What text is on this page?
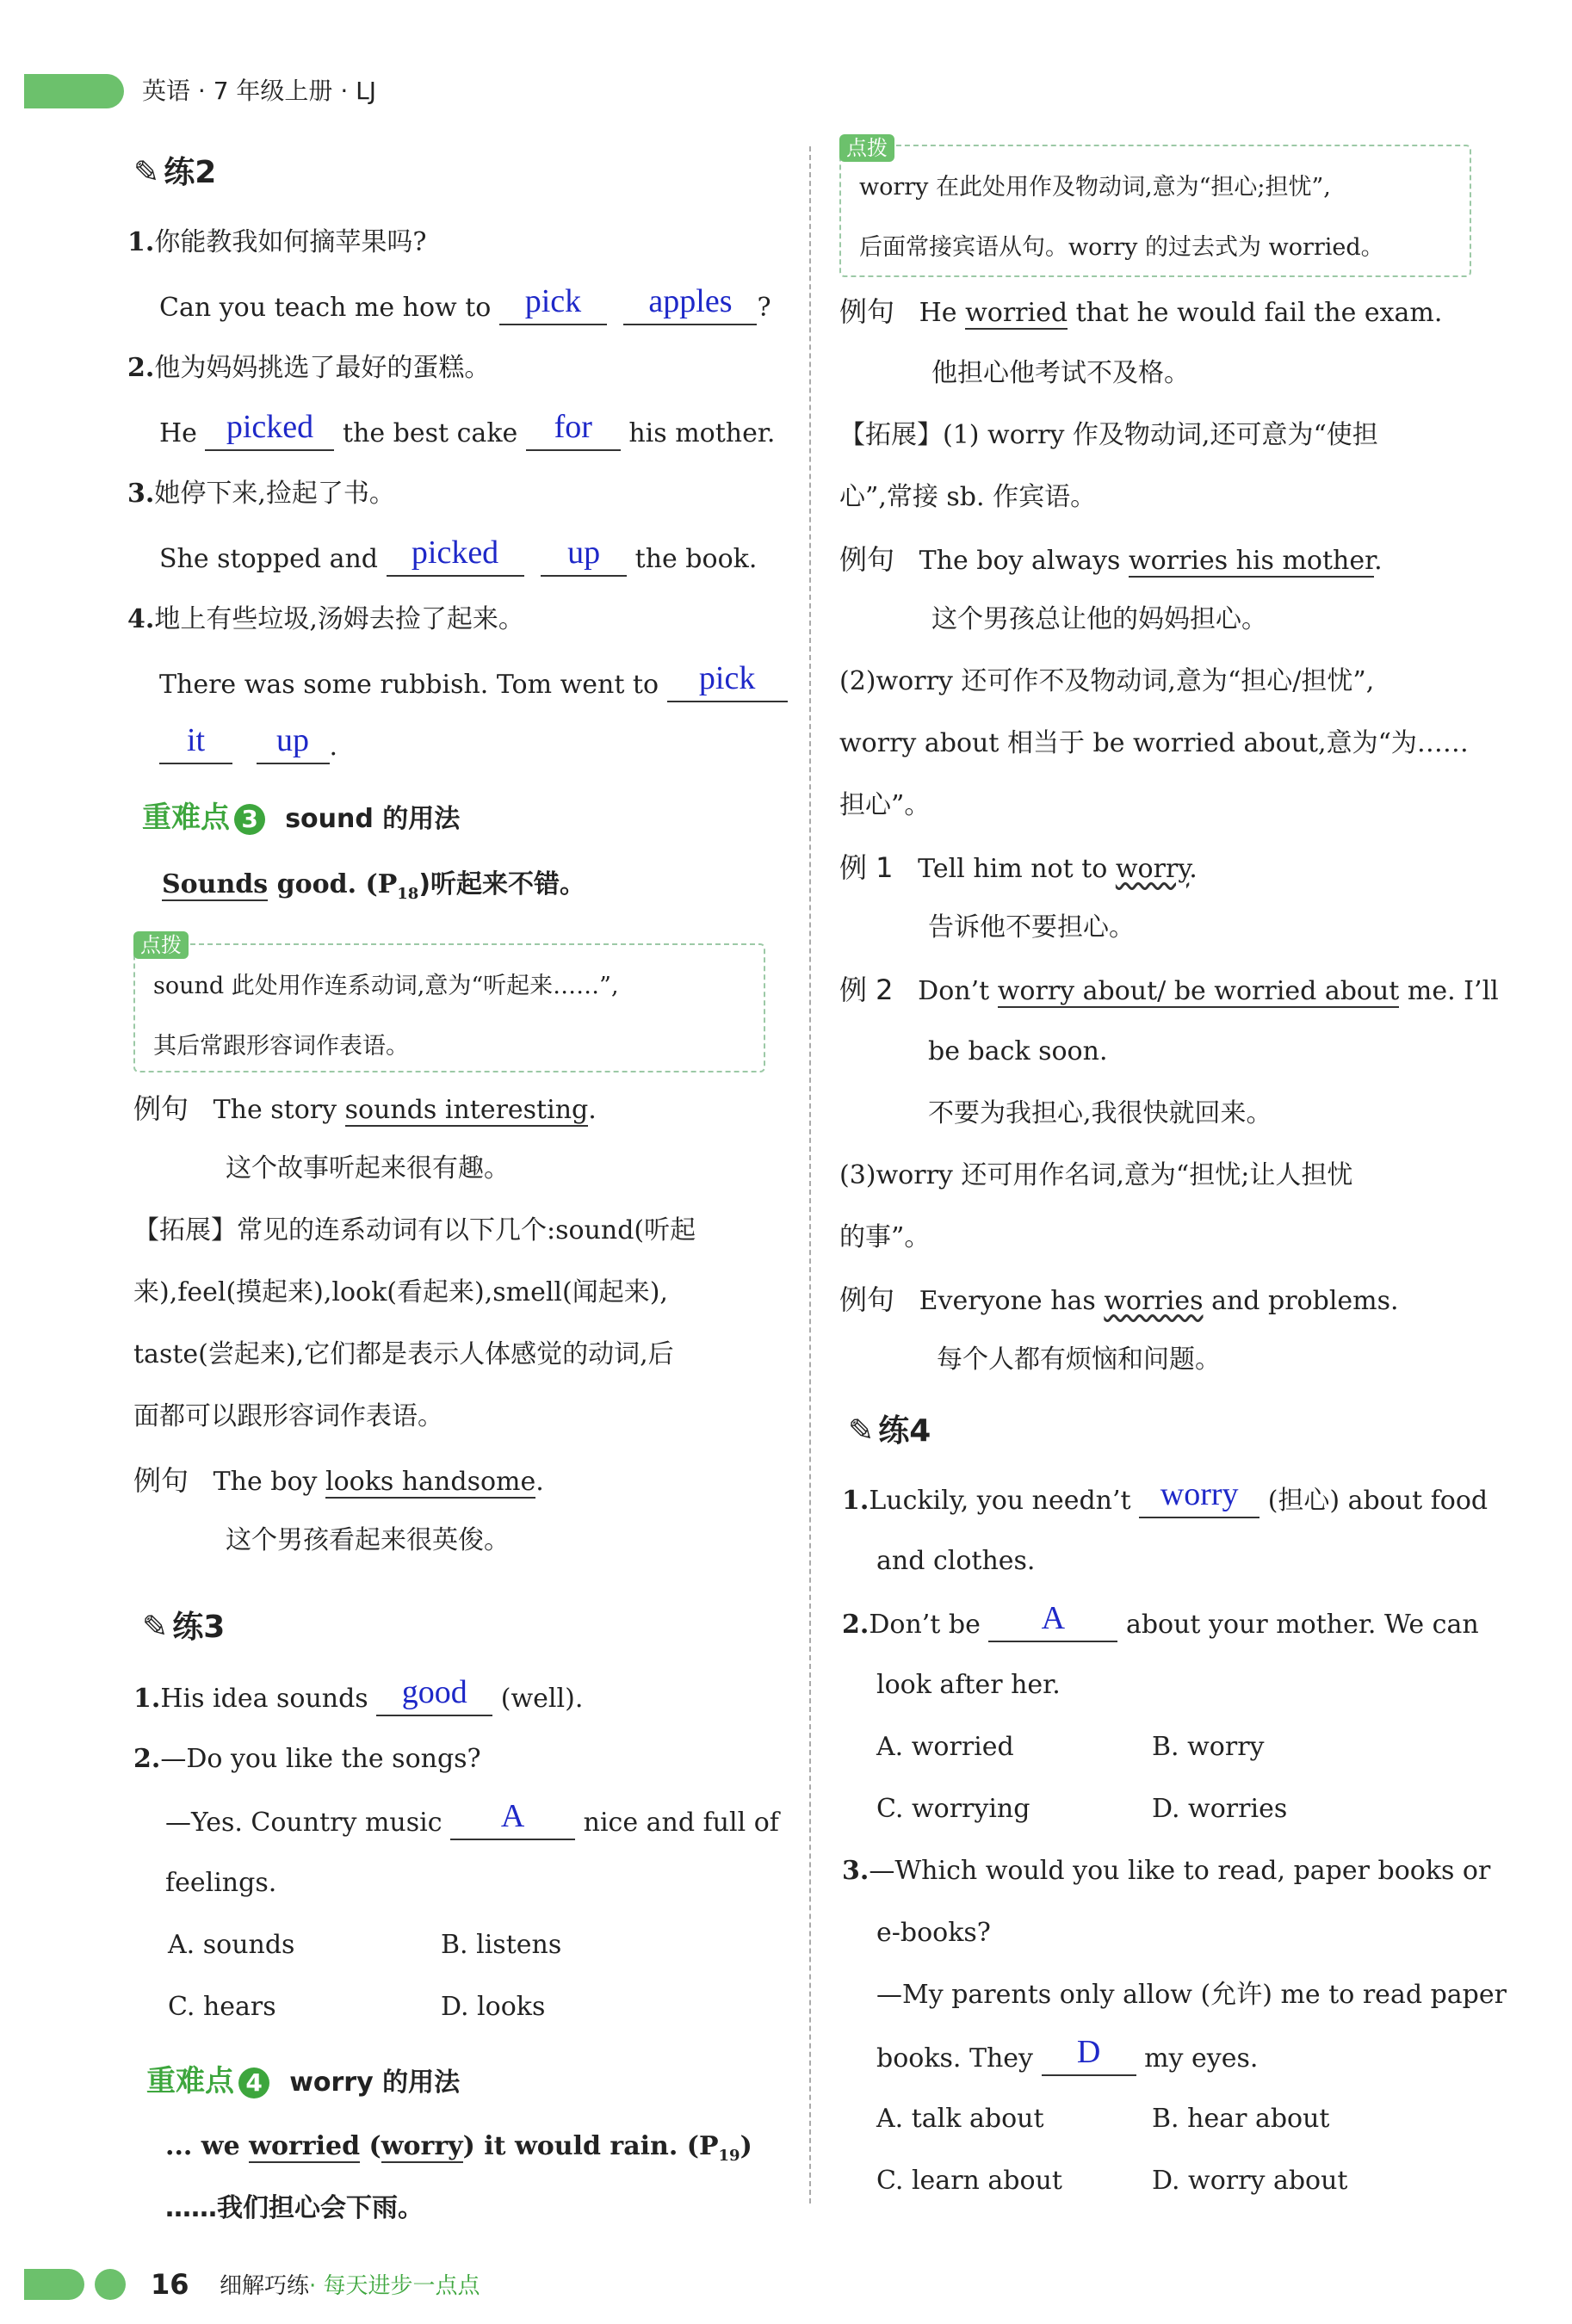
英语 · 7 年级上册 · LJ
✎ 练2
1.你能教我如何摘苹果吗?
Can you teach me how to pick apples ?
2.他为妈妈挑选了最好的蛋糕。
He picked the best cake for his mother.
3.她停下来,捡起了书。
She stopped and picked up the book.
4.地上有些垃圾,汤姆去捡了起来。
There was some rubbish. Tom went to pick
it up .
重难点 3 sound 的用法
Sounds good. $(P_{18})$听起来不错。
点拨
sound 此处用作连系动词,意为“听起来……”,
其后常跟形容词作表语。
例句 The story sounds interesting.
这个故事听起来很有趣。
【拓展】常见的连系动词有以下几个:sound(听起
来),feel(摸起来),look(看起来),smell(闻起来),
taste(尝起来),它们都是表示人体感觉的动词,后
面都可以跟形容词作表语。
例句 The boy looks handsome.
这个男孩看起来很英俊。
✎ 练3
1.His idea sounds good (well).
2.—Do you like the songs?
—Yes. Country music A nice and full of
feelings.
A. sounds	B. listens
C. hears	D. looks
重难点 4 worry 的用法
... we worried (worry) it would rain. $(P_{19})$
……我们担心会下雨。
点拨
worry 在此处用作及物动词,意为“担心;担忧”,
后面常接宾语从句。worry 的过去式为 worried。
例句 He worried that he would fail the exam.
他担心他考试不及格。
【拓展】(1) worry 作及物动词,还可意为“使担
心”,常接 sb. 作宾语。
例句 The boy always worries his mother.
这个男孩总让他的妈妈担心。
(2)worry 还可作不及物动词,意为“担心/担忧”,
worry about 相当于 be worried about,意为“为……
担心”。
例 1 Tell him not to worry.
告诉他不要担心。
例 2 Don’t worry about/ be worried about me. I’ll
be back soon.
不要为我担心,我很快就回来。
(3)worry 还可用作名词,意为“担忧;让人担忧
的事”。
例句 Everyone has worries and problems.
每个人都有烦恼和问题。
✎ 练4
1.Luckily, you needn’t worry (担心) about food
and clothes.
2.Don’t be A about your mother. We can
look after her.
A. worried	B. worry
C. worrying	D. worries
3.—Which would you like to read, paper books or
e-books?
—My parents only allow (允许) me to read paper
books. They D my eyes.
A. talk about	B. hear about
C. learn about	D. worry about
16 细解巧练· 每天进步一点点
